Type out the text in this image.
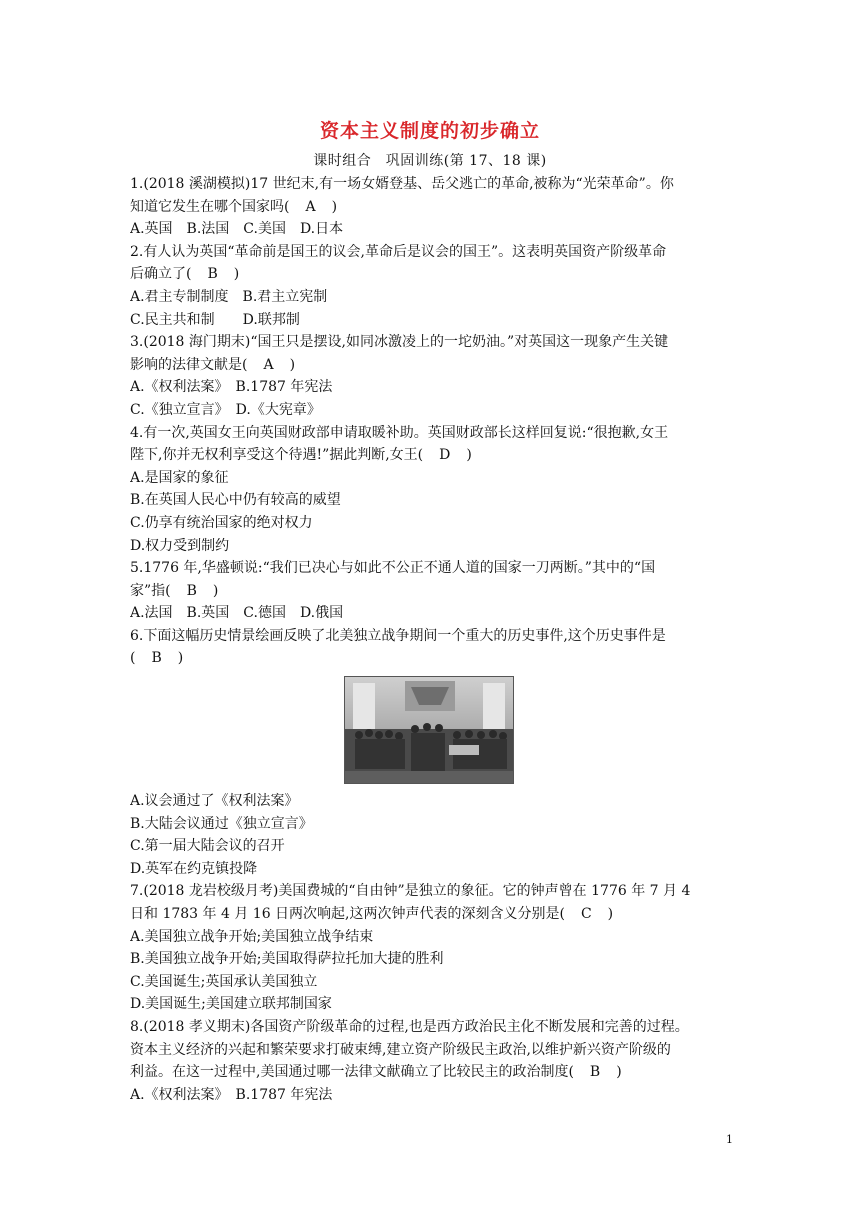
资本主义制度的初步确立
课时组合　巩固训练(第 17、18 课)
1.(2018 溪湖模拟)17 世纪末,有一场女婿登基、岳父逃亡的革命,被称为“光荣革命”。你
知道它发生在哪个国家吗(　 A　)
A.英国　B.法国　C.美国　D.日本
2.有人认为英国“革命前是国王的议会,革命后是议会的国王”。这表明英国资产阶级革命
后确立了(　 B　)
A.君主专制制度　B.君主立宪制
C.民主共和制　　D.联邦制
3.(2018 海门期末)“国王只是摆设,如同冰激凌上的一坨奶油。”对英国这一现象产生关键
影响的法律文献是(　 A　)
A.《权利法案》　B.1787 年宪法
C.《独立宣言》　D.《大宪章》
4.有一次,英国女王向英国财政部申请取暖补助。英国财政部长这样回复说:“很抱歉,女王
陛下,你并无权利享受这个待遇!”据此判断,女王(　 D　)
A.是国家的象征
B.在英国人民心中仍有较高的威望
C.仍享有统治国家的绝对权力
D.权力受到制约
5.1776 年,华盛顿说:“我们已决心与如此不公正不通人道的国家一刀两断。”其中的“国
家”指(　 B　)
A.法国　B.英国　C.德国　D.俄国
6.下面这幅历史情景绘画反映了北美独立战争期间一个重大的历史事件,这个历史事件是
(　 B　)
A.议会通过了《权利法案》
B.大陆会议通过《独立宣言》
C.第一届大陆会议的召开
D.英军在约克镇投降
7.(2018 龙岩校级月考)美国费城的“自由钟”是独立的象征。它的钟声曾在 1776 年 7 月 4
日和 1783 年 4 月 16 日两次响起,这两次钟声代表的深刻含义分别是(　 C　)
A.美国独立战争开始;美国独立战争结束
B.美国独立战争开始;美国取得萨拉托加大捷的胜利
C.美国诞生;英国承认美国独立
D.美国诞生;美国建立联邦制国家
8.(2018 孝义期末)各国资产阶级革命的过程,也是西方政治民主化不断发展和完善的过程。
资本主义经济的兴起和繁荣要求打破束缚,建立资产阶级民主政治,以维护新兴资产阶级的
利益。在这一过程中,美国通过哪一法律文献确立了比较民主的政治制度(　 B　)
A.《权利法案》　B.1787 年宪法
1
